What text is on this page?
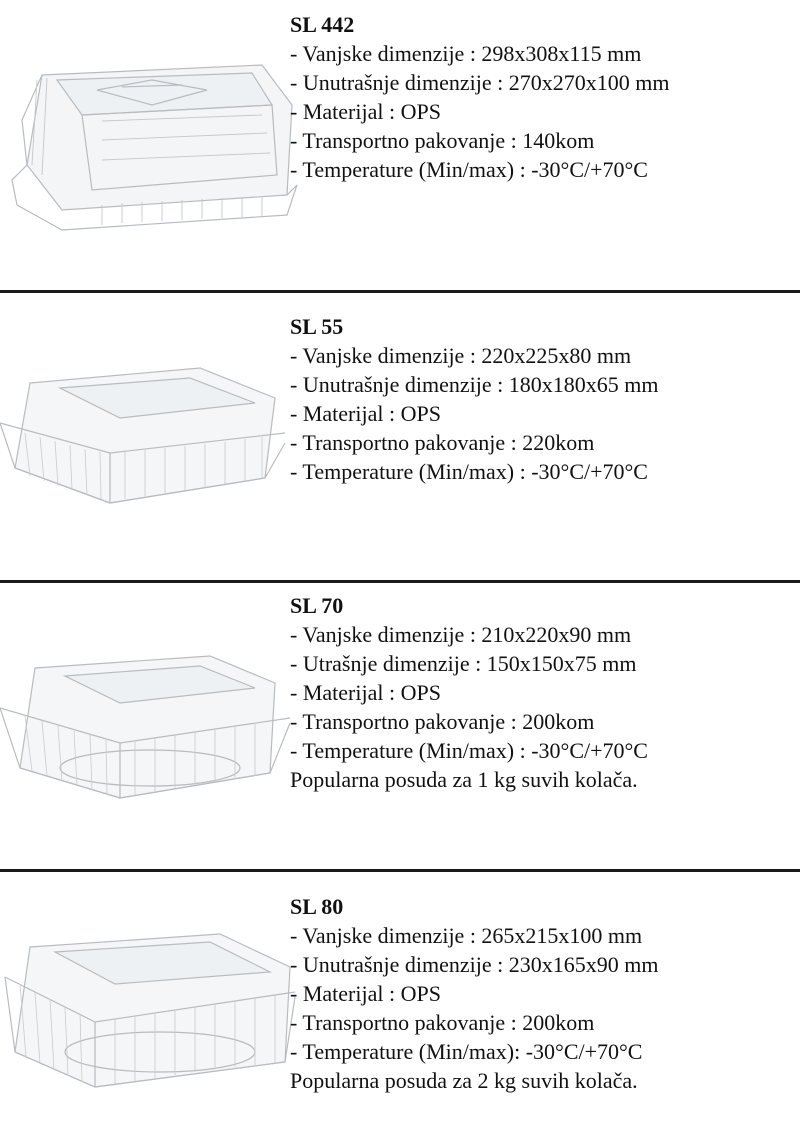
SL 442
- Vanjske dimenzije : 298x308x115 mm
- Unutrašnje dimenzije : 270x270x100 mm
- Materijal : OPS
- Transportno pakovanje : 140kom
- Temperature (Min/max) : -30°C/+70°C
SL 55
- Vanjske dimenzije : 220x225x80 mm
- Unutrašnje dimenzije : 180x180x65 mm
- Materijal : OPS
- Transportno pakovanje : 220kom
- Temperature (Min/max) : -30°C/+70°C
SL 70
- Vanjske dimenzije : 210x220x90 mm
- Utrašnje dimenzije : 150x150x75 mm
- Materijal : OPS
- Transportno pakovanje : 200kom
- Temperature (Min/max) : -30°C/+70°C
Popularna posuda za 1 kg suvih kolača.
SL 80
- Vanjske dimenzije : 265x215x100 mm
- Unutrašnje dimenzije : 230x165x90 mm
- Materijal : OPS
- Transportno pakovanje : 200kom
- Temperature (Min/max): -30°C/+70°C
Popularna posuda za 2 kg suvih kolača.
